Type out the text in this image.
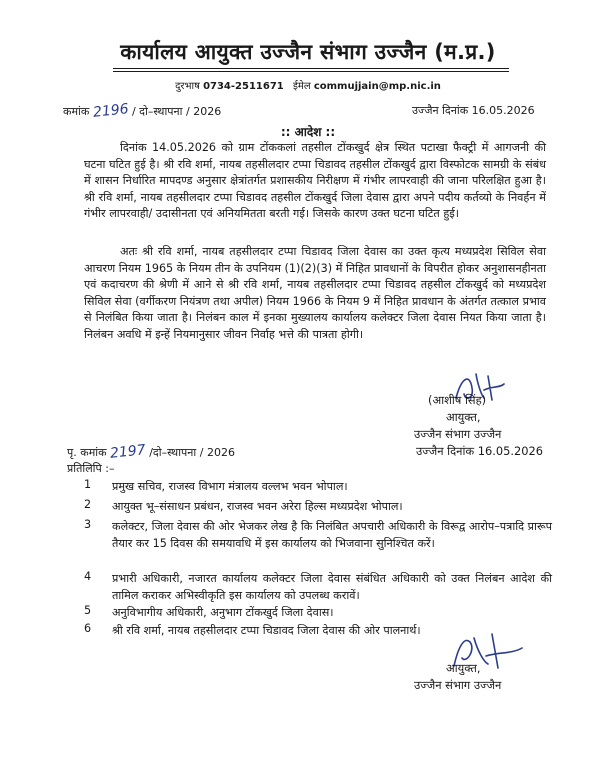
कार्यालय आयुक्त उज्जैन संभाग उज्जैन (म.प्र.)
दुरभाष 0734-2511671 ईमेल commujjain@mp.nic.in
कमांक 2196 / दो–स्थापना / 2026	उज्जैन दिनांक 16.05.2026
:: आदेश ::
दिनांक 14.05.2026 को ग्राम टोंककलां तहसील टोंकखुर्द क्षेत्र स्थित पटाखा फैक्ट्री में आगजनी की घटना घटित हुई है। श्री रवि शर्मा, नायब तहसीलदार टप्पा चिडावद तहसील टोंकखुर्द द्वारा विस्फोटक सामग्री के संबंध में शासन निर्धारित मापदण्ड अनुसार क्षेत्रांतर्गत प्रशासकीय निरीक्षण में गंभीर लापरवाही की जाना परिलक्षित हुआ है। श्री रवि शर्मा, नायब तहसीलदार टप्पा चिडावद तहसील टोंकखुर्द जिला देवास द्वारा अपने पदीय कर्तव्यो के निवर्हन में गंभीर लापरवाही/ उदासीनता एवं अनियमितता बरती गई। जिसके कारण उक्त घटना घटित हुई।
अतः श्री रवि शर्मा, नायब तहसीलदार टप्पा चिडावद जिला देवास का उक्त कृत्य मध्यप्रदेश सिविल सेवा आचरण नियम 1965 के नियम तीन के उपनियम (1)(2)(3) में निहित प्रावधानों के विपरीत होकर अनुशासनहीनता एवं कदाचरण की श्रेणी में आने से श्री रवि शर्मा, नायब तहसीलदार टप्पा चिडावद तहसील टोंकखुर्द को मध्यप्रदेश सिविल सेवा (वर्गीकरण नियंत्रण तथा अपील) नियम 1966 के नियम 9 में निहित प्रावधान के अंतर्गत तत्काल प्रभाव से निलंबित किया जाता है। निलंबन काल में इनका मुख्यालय कार्यालय कलेक्टर जिला देवास नियत किया जाता है। निलंबन अवधि में इन्हें नियमानुसार जीवन निर्वाह भत्ते की पात्रता होगी।
(आशीष सिंह)
आयुक्त,
उज्जैन संभाग उज्जैन
उज्जैन दिनांक 16.05.2026
पृ. कमांक 2197 /दो–स्थापना / 2026
प्रतिलिपि :–
1	प्रमुख सचिव, राजस्व विभाग मंत्रालय वल्लभ भवन भोपाल।
2	आयुक्त भू–संसाधन प्रबंधन, राजस्व भवन अरेरा हिल्स मध्यप्रदेश भोपाल।
3	कलेक्टर, जिला देवास की ओर भेजकर लेख है कि निलंबित अपचारी अधिकारी के विरूद्व आरोप–पत्रादि प्रारूप तैयार कर 15 दिवस की समयावधि में इस कार्यालय को भिजवाना सुनिश्चित करें।
4	प्रभारी अधिकारी, नजारत कार्यालय कलेक्टर जिला देवास संबंधित अधिकारी को उक्त निलंबन आदेश की तामिल कराकर अभिस्वीकृति इस कार्यालय को उपलब्ध करावें।
5	अनुविभागीय अधिकारी, अनुभाग टोंकखुर्द जिला देवास।
6	श्री रवि शर्मा, नायब तहसीलदार टप्पा चिडावद जिला देवास की ओर पालनार्थ।
आयुक्त,
उज्जैन संभाग उज्जैन
